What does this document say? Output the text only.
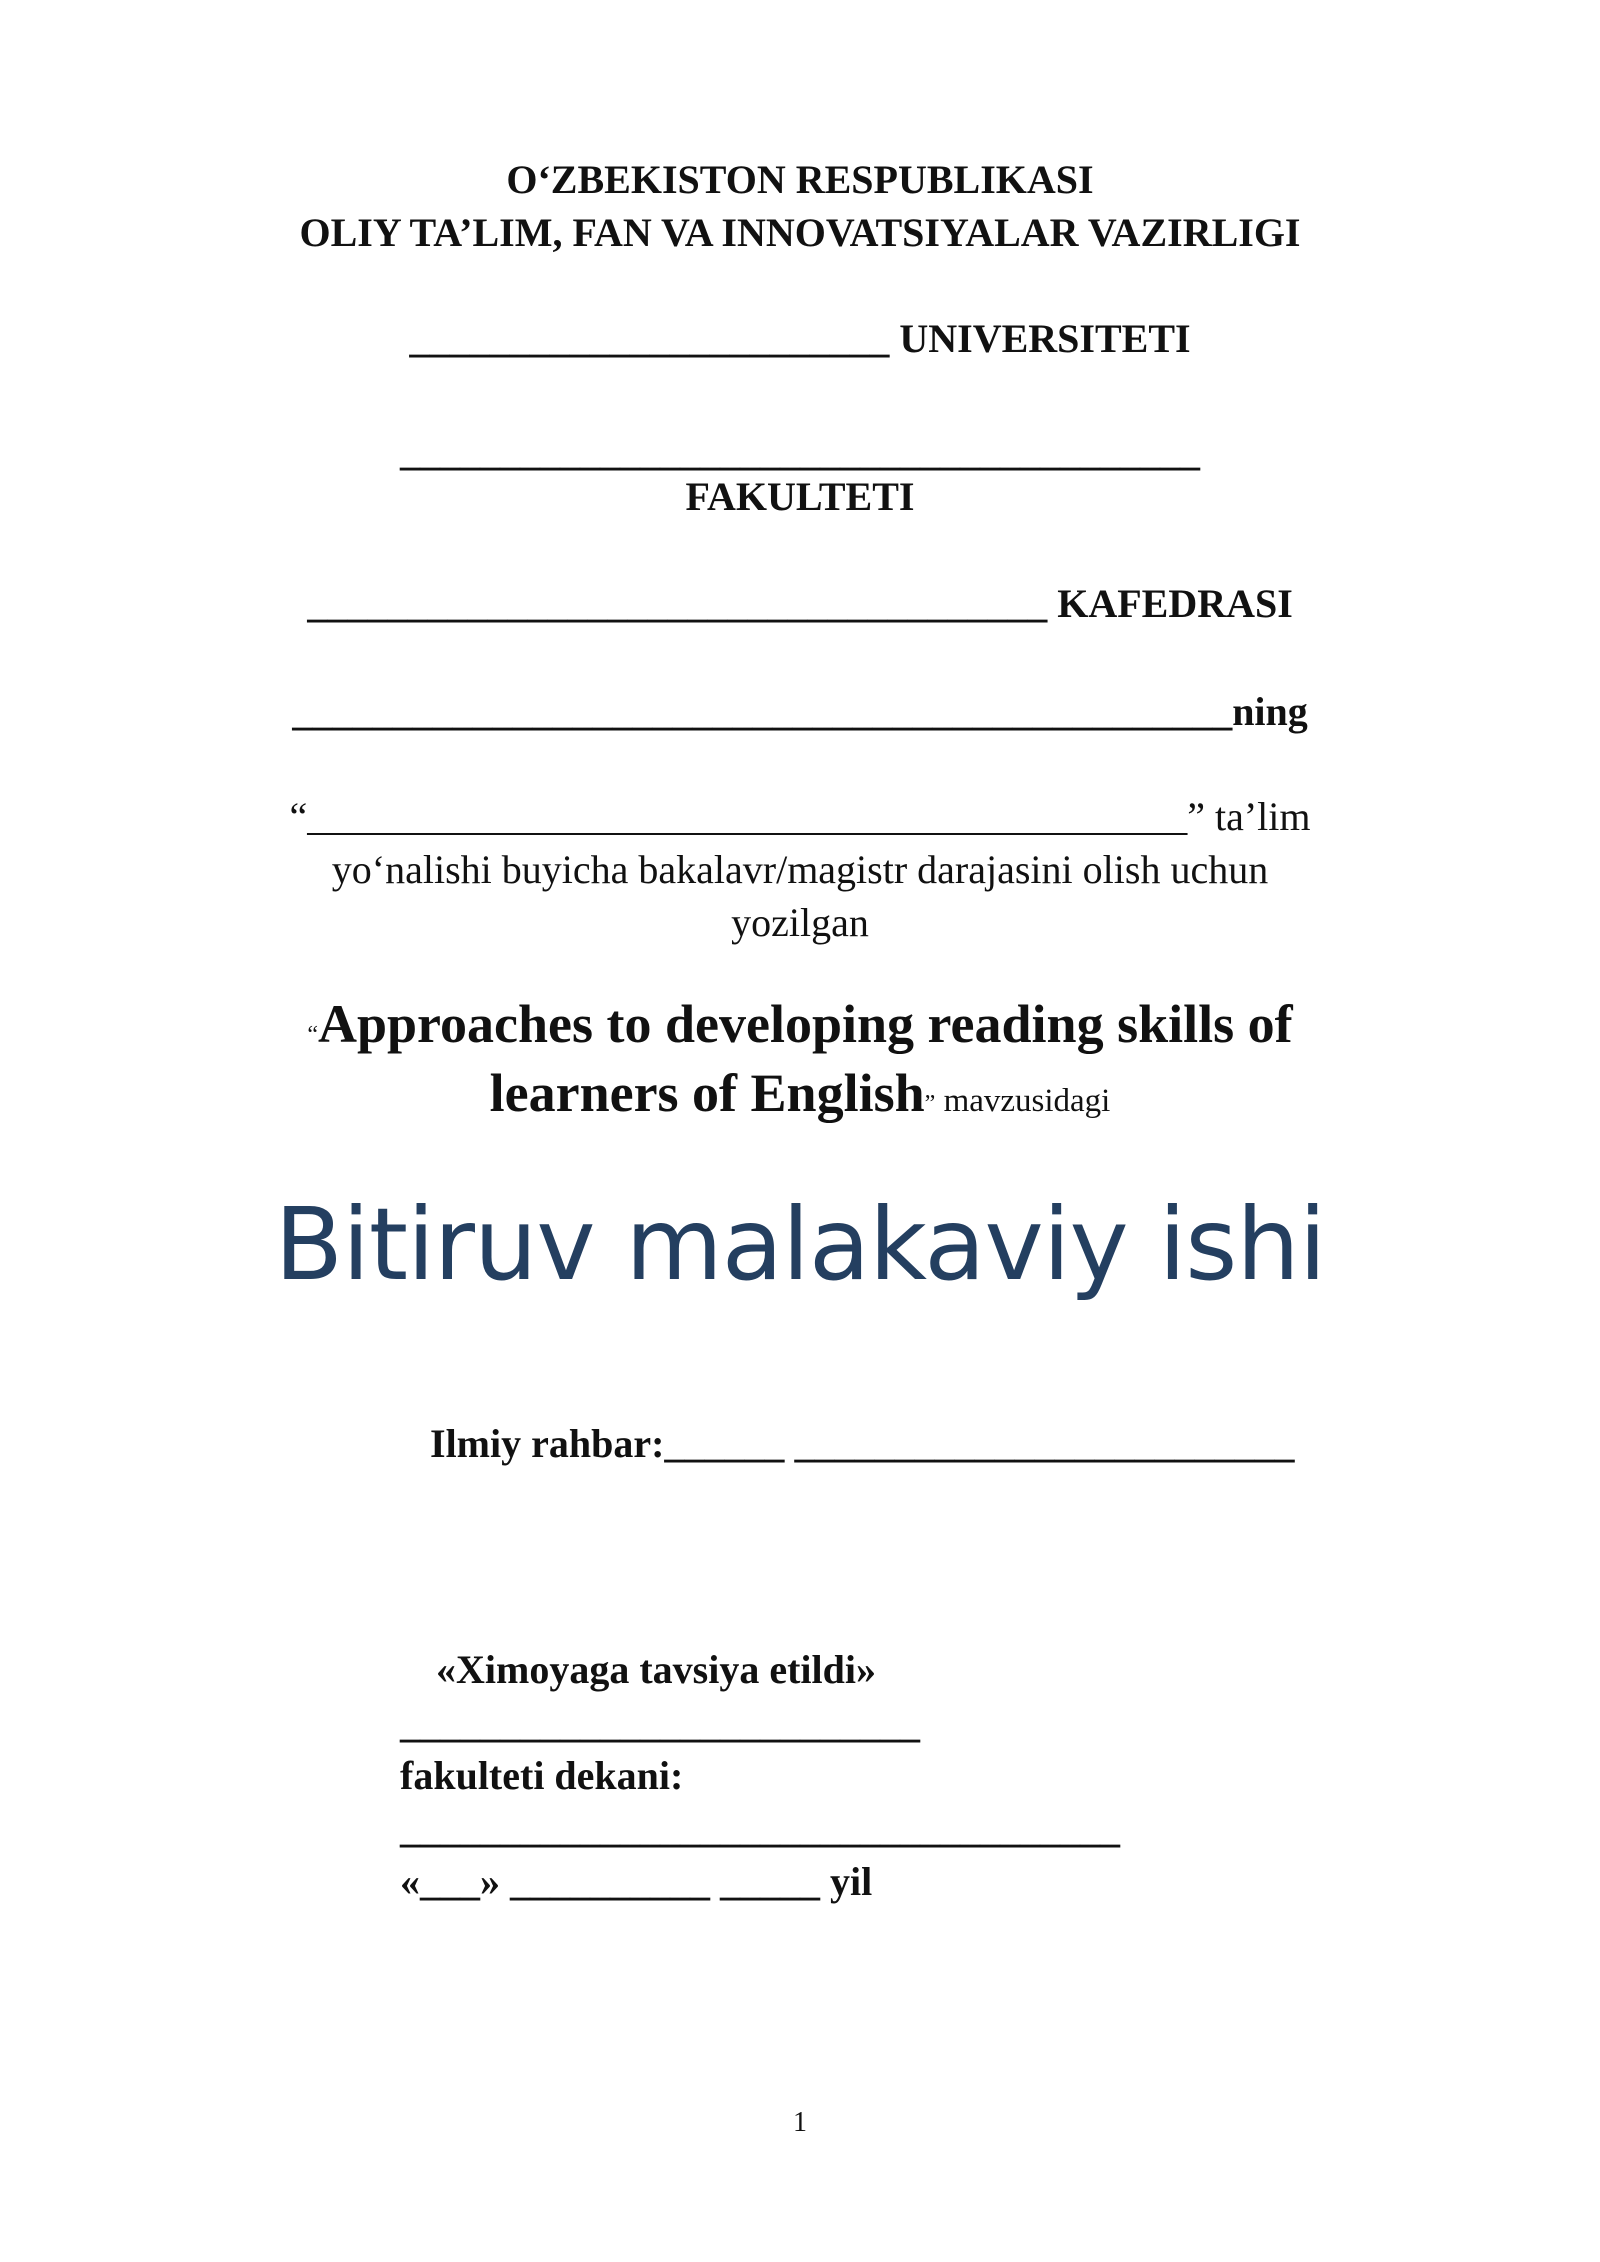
O‘ZBEKISTON RESPUBLIKASI
OLIY TA’LIM, FAN VA INNOVATSIYALAR VAZIRLIGI
________________________ UNIVERSITETI
________________________________________
FAKULTETI
_____________________________________ KAFEDRASI
_______________________________________________ning
“____________________________________________” ta’lim
yo‘nalishi buyicha bakalavr/magistr darajasini olish uchun
yozilgan
“Approaches to developing reading skills of
learners of English” mavzusidagi
Bitiruv malakaviy ishi
Ilmiy rahbar:______ _________________________
«Ximoyaga tavsiya etildi»
__________________________
fakulteti dekani:
____________________________________
«___» __________ _____ yil
1
